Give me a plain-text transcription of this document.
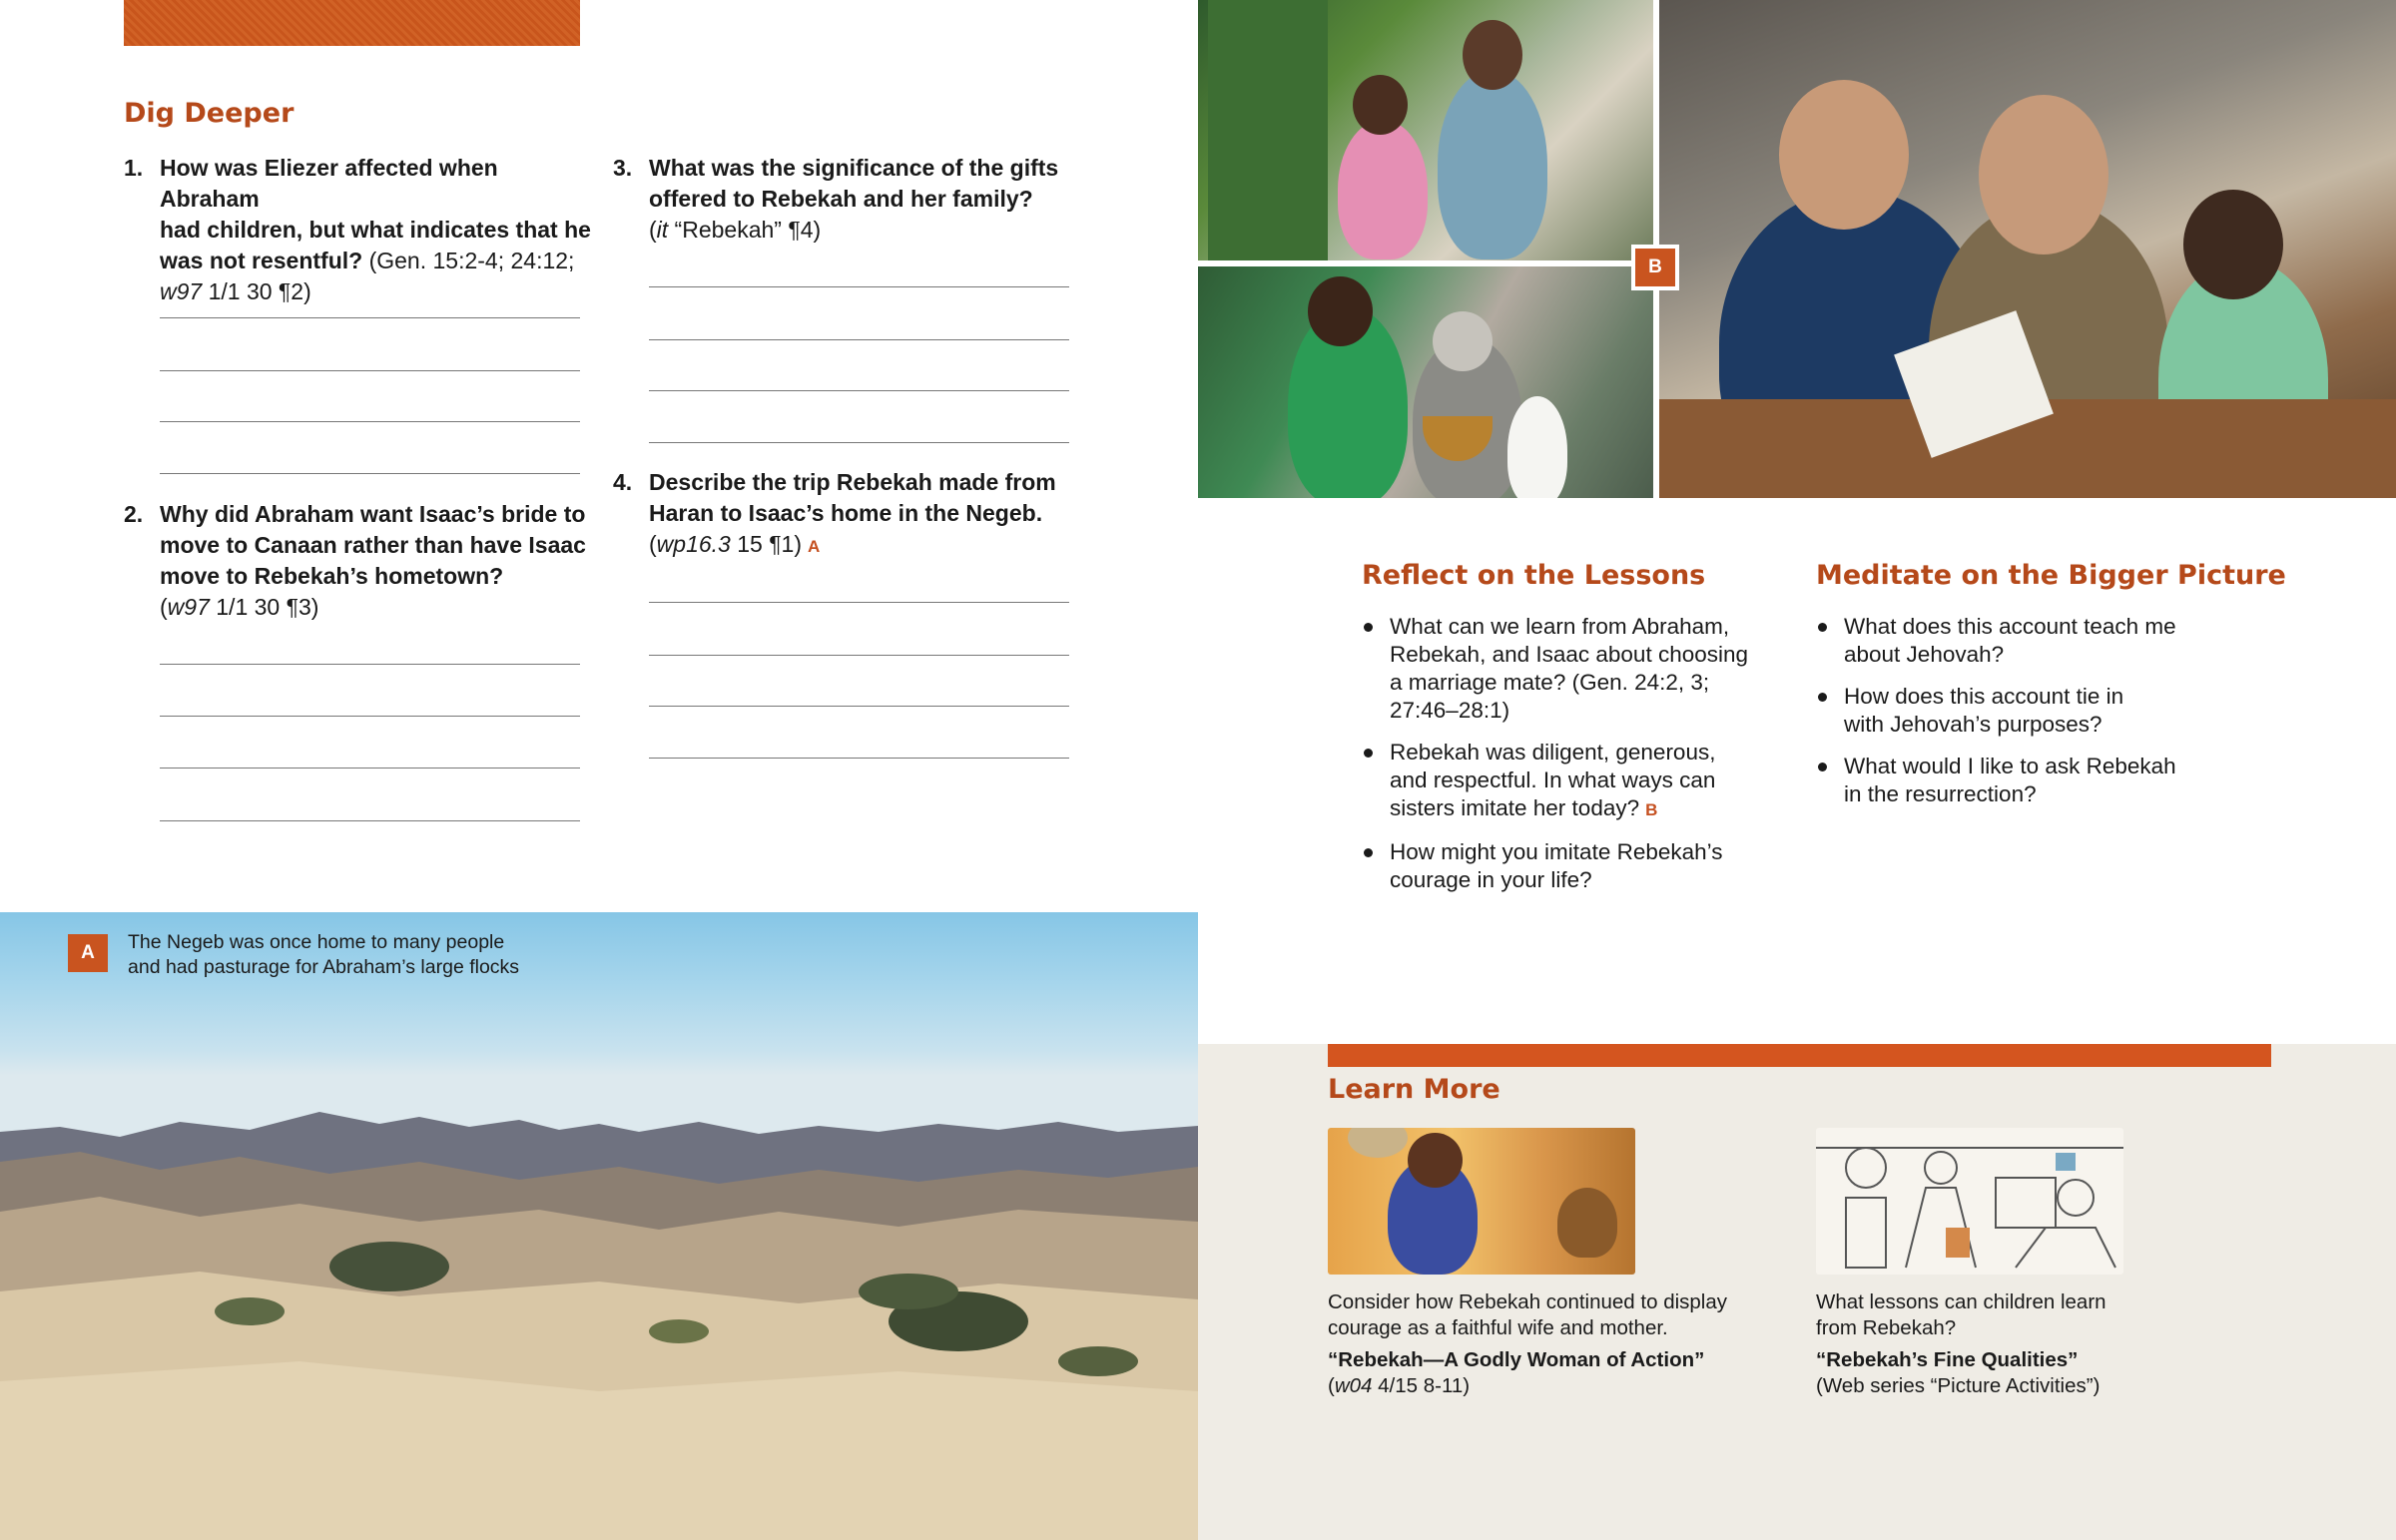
Dig Deeper
1. How was Eliezer affected when Abraham
had children, but what indicates that he
was not resentful? (Gen. 15:2-4; 24:12;
w97 1/1 30 ¶2)
2. Why did Abraham want Isaac’s bride to
move to Canaan rather than have Isaac
move to Rebekah’s hometown?
(w97 1/1 30 ¶3)
3. What was the significance of the gifts
offered to Rebekah and her family?
(it “Rebekah” ¶4)
4. Describe the trip Rebekah made from
Haran to Isaac’s home in the Negeb.
(wp16.3 15 ¶1) A
B
Reflect on the Lessons
What can we learn from Abraham,
Rebekah, and Isaac about choosing
a marriage mate? (Gen. 24:2, 3;
27:46–28:1)
Rebekah was diligent, generous,
and respectful. In what ways can
sisters imitate her today? B
How might you imitate Rebekah’s
courage in your life?
Meditate on the Bigger Picture
What does this account teach me
about Jehovah?
How does this account tie in
with Jehovah’s purposes?
What would I like to ask Rebekah
in the resurrection?
A	The Negeb was once home to many people
and had pasturage for Abraham’s large flocks
Learn More
Consider how Rebekah continued to display
courage as a faithful wife and mother.
“Rebekah—A Godly Woman of Action”
(w04 4/15 8-11)
What lessons can children learn
from Rebekah?
“Rebekah’s Fine Qualities”
(Web series “Picture Activities”)
